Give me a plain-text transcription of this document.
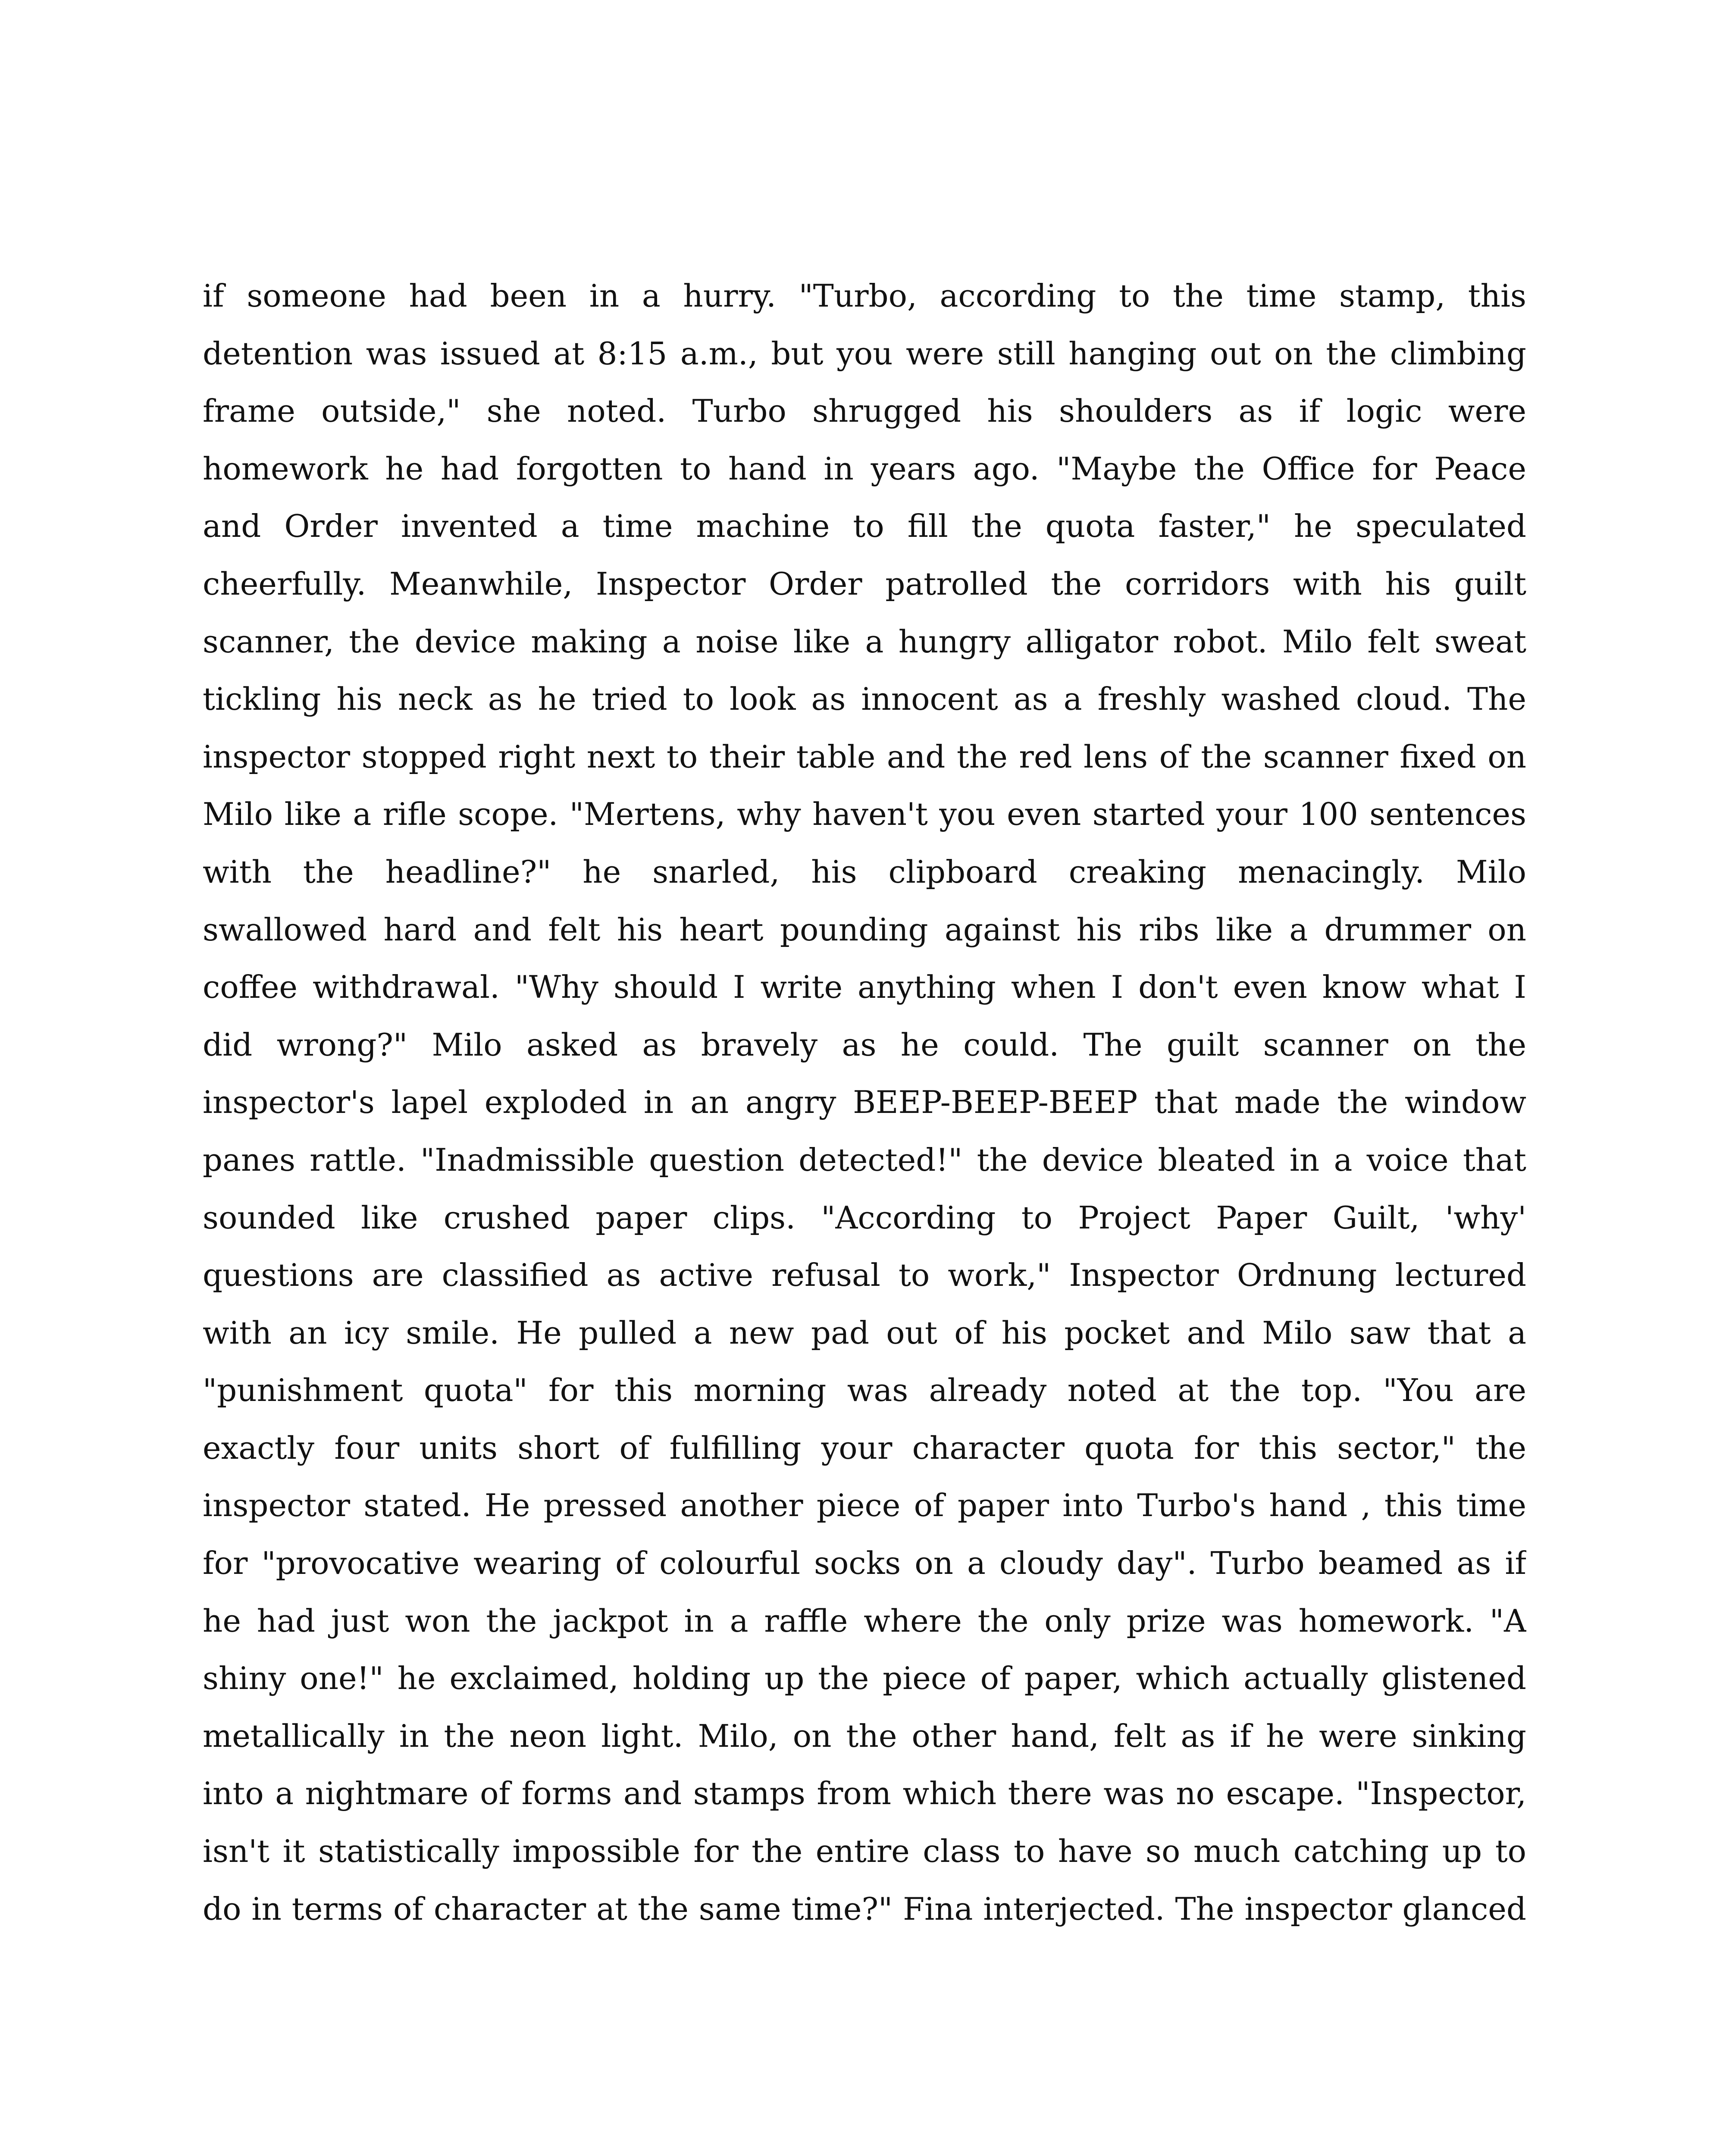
if someone had been in a hurry. "Turbo, according to the time stamp, this
detention was issued at 8:15 a.m., but you were still hanging out on the climbing
frame outside," she noted. Turbo shrugged his shoulders as if logic were
homework he had forgotten to hand in years ago. "Maybe the Office for Peace
and Order invented a time machine to fill the quota faster," he speculated
cheerfully. Meanwhile, Inspector Order patrolled the corridors with his guilt
scanner, the device making a noise like a hungry alligator robot. Milo felt sweat
tickling his neck as he tried to look as innocent as a freshly washed cloud. The
inspector stopped right next to their table and the red lens of the scanner fixed on
Milo like a rifle scope. "Mertens, why haven't you even started your 100 sentences
with the headline?" he snarled, his clipboard creaking menacingly. Milo
swallowed hard and felt his heart pounding against his ribs like a drummer on
coffee withdrawal. "Why should I write anything when I don't even know what I
did wrong?" Milo asked as bravely as he could. The guilt scanner on the
inspector's lapel exploded in an angry BEEP-BEEP-BEEP that made the window
panes rattle. "Inadmissible question detected!" the device bleated in a voice that
sounded like crushed paper clips. "According to Project Paper Guilt, 'why'
questions are classified as active refusal to work," Inspector Ordnung lectured
with an icy smile. He pulled a new pad out of his pocket and Milo saw that a
"punishment quota" for this morning was already noted at the top. "You are
exactly four units short of fulfilling your character quota for this sector," the
inspector stated. He pressed another piece of paper into Turbo's hand , this time
for "provocative wearing of colourful socks on a cloudy day". Turbo beamed as if
he had just won the jackpot in a raffle where the only prize was homework. "A
shiny one!" he exclaimed, holding up the piece of paper, which actually glistened
metallically in the neon light. Milo, on the other hand, felt as if he were sinking
into a nightmare of forms and stamps from which there was no escape. "Inspector,
isn't it statistically impossible for the entire class to have so much catching up to
do in terms of character at the same time?" Fina interjected. The inspector glanced
